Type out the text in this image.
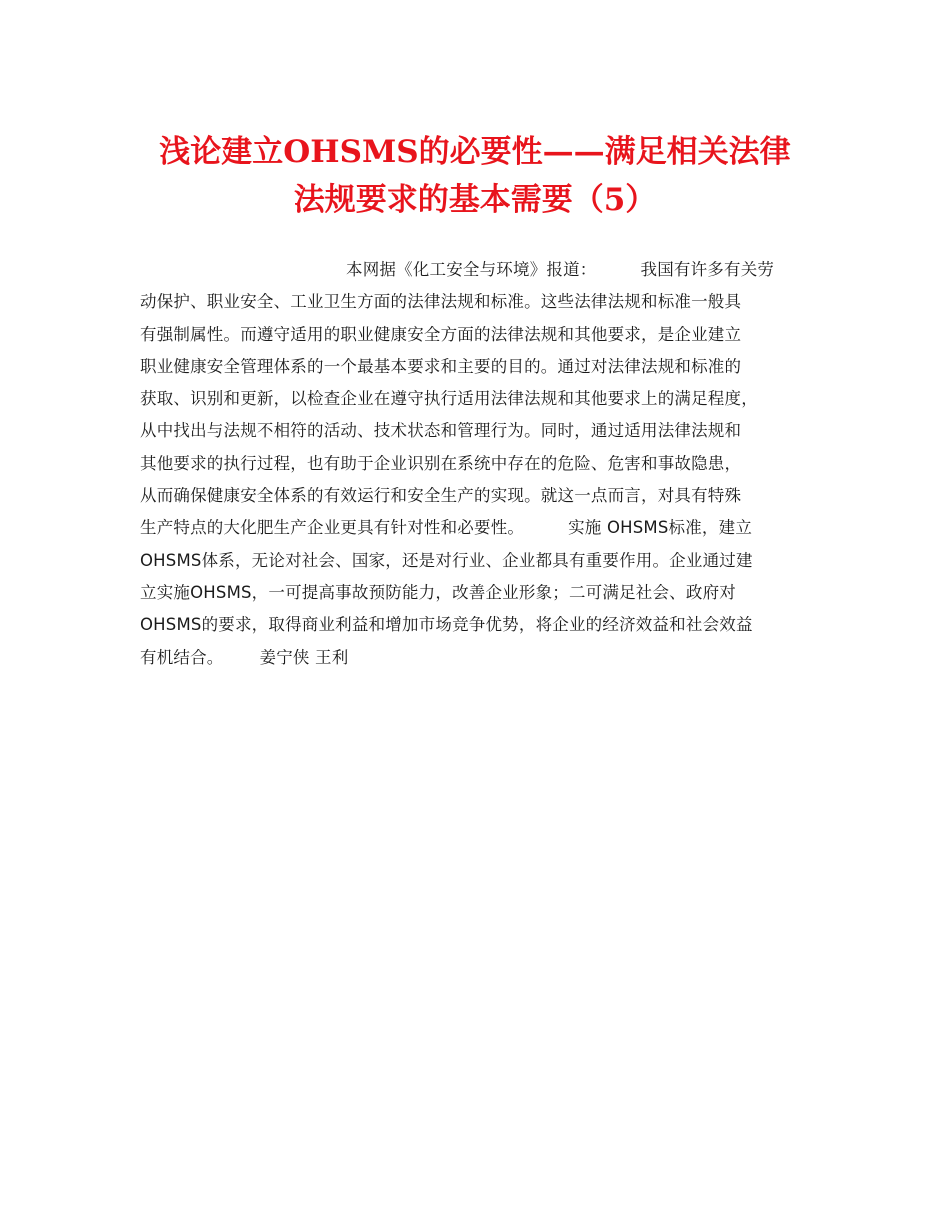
浅论建立OHSMS的必要性——满足相关法律
法规要求的基本需要（5）
本网据《化工安全与环境》报道：	我国有许多有关劳
动保护、职业安全、工业卫生方面的法律法规和标准。这些法律法规和标准一般具
有强制属性。而遵守适用的职业健康安全方面的法律法规和其他要求，是企业建立
职业健康安全管理体系的一个最基本要求和主要的目的。通过对法律法规和标准的
获取、识别和更新，以检查企业在遵守执行适用法律法规和其他要求上的满足程度，
从中找出与法规不相符的活动、技术状态和管理行为。同时，通过适用法律法规和
其他要求的执行过程，也有助于企业识别在系统中存在的危险、危害和事故隐患，
从而确保健康安全体系的有效运行和安全生产的实现。就这一点而言，对具有特殊
生产特点的大化肥生产企业更具有针对性和必要性。	实施 OHSMS标准，建立
OHSMS体系，无论对社会、国家，还是对行业、企业都具有重要作用。企业通过建
立实施OHSMS，一可提高事故预防能力，改善企业形象；二可满足社会、政府对
OHSMS的要求，取得商业利益和增加市场竞争优势，将企业的经济效益和社会效益
有机结合。 姜宁侠 王利
